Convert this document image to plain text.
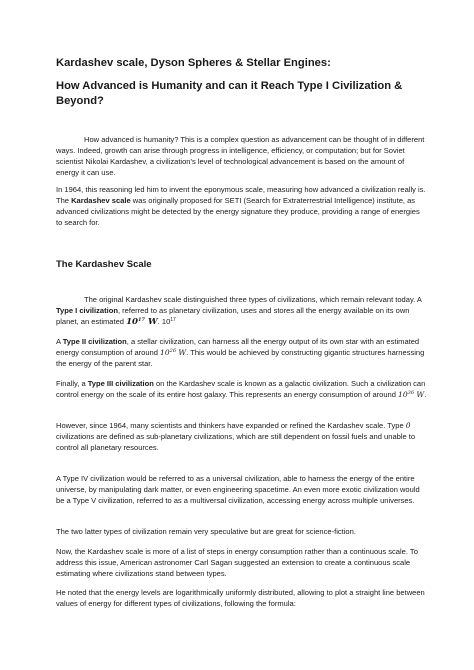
Kardashev scale, Dyson Spheres & Stellar Engines:
How Advanced is Humanity and can it Reach Type I Civilization & Beyond?

How advanced is humanity? This is a complex question as advancement can be thought of in different ways. Indeed, growth can arise through progress in intelligence, efficiency, or computation; but for Soviet scientist Nikolai Kardashev, a civilization's level of technological advancement is based on the amount of energy it can use.

In 1964, this reasoning led him to invent the eponymous scale, measuring how advanced a civilization really is. The Kardashev scale was originally proposed for SETI (Search for Extraterrestrial Intelligence) institute, as advanced civilizations might be detected by the energy signature they produce, providing a range of energies to search for.

The Kardashev Scale

The original Kardashev scale distinguished three types of civilizations, which remain relevant today. A Type I civilization, referred to as planetary civilization, uses and stores all the energy available on its own planet, an estimated $10^{17}$ W. $10^{17}$

A Type II civilization, a stellar civilization, can harness all the energy output of its own star with an estimated energy consumption of around $10^{26}$ W. This would be achieved by constructing gigantic structures harnessing the energy of the parent star.

Finally, a Type III civilization on the Kardashev scale is known as a galactic civilization. Such a civilization can control energy on the scale of its entire host galaxy. This represents an energy consumption of around $10^{36}$ W.

However, since 1964, many scientists and thinkers have expanded or refined the Kardashev scale. Type 0 civilizations are defined as sub-planetary civilizations, which are still dependent on fossil fuels and unable to control all planetary resources.

A Type IV civilization would be referred to as a universal civilization, able to harness the energy of the entire universe, by manipulating dark matter, or even engineering spacetime. An even more exotic civilization would be a Type V civilization, referred to as a multiversal civilization, accessing energy across multiple universes.

The two latter types of civilization remain very speculative but are great for science-fiction.

Now, the Kardashev scale is more of a list of steps in energy consumption rather than a continuous scale. To address this issue, American astronomer Carl Sagan suggested an extension to create a continuous scale estimating where civilizations stand between types.

He noted that the energy levels are logarithmically uniformly distributed, allowing to plot a straight line between values of energy for different types of civilizations, following the formula:
